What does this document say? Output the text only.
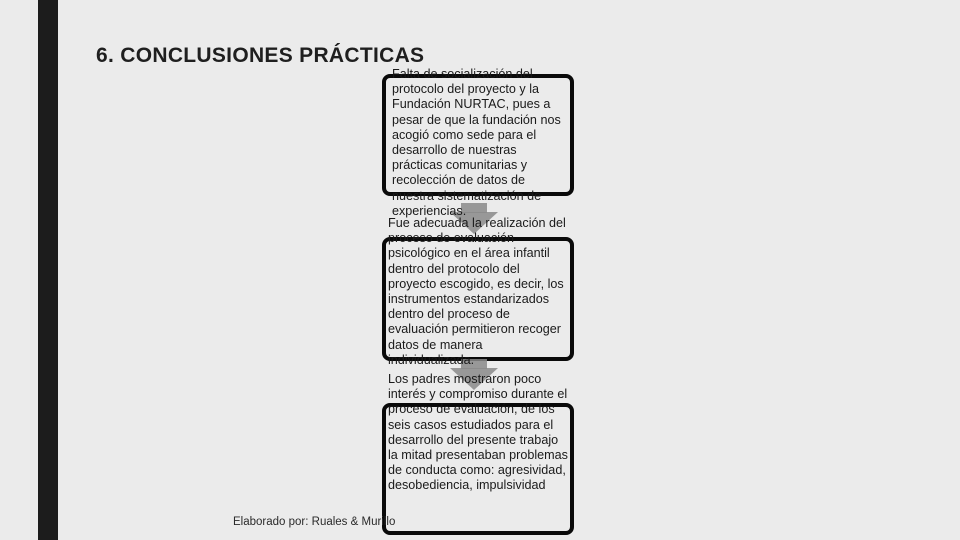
6. CONCLUSIONES PRÁCTICAS
Falta de socialización del protocolo del proyecto y la Fundación NURTAC, pues a pesar de que la fundación nos acogió como sede para el desarrollo de nuestras prácticas comunitarias y recolección de datos de nuestra sistematización de experiencias.
Fue adecuada la realización del proceso de evaluación psicológico en el área infantil dentro del protocolo del proyecto escogido, es decir, los instrumentos estandarizados dentro del proceso de evaluación permitieron recoger datos de manera individualizada.
Los padres mostraron poco interés y compromiso durante el proceso de evaluación, de los seis casos estudiados para el desarrollo del presente trabajo la mitad presentaban problemas de conducta como: agresividad, desobediencia, impulsividad
Elaborado por: Ruales & Murillo
